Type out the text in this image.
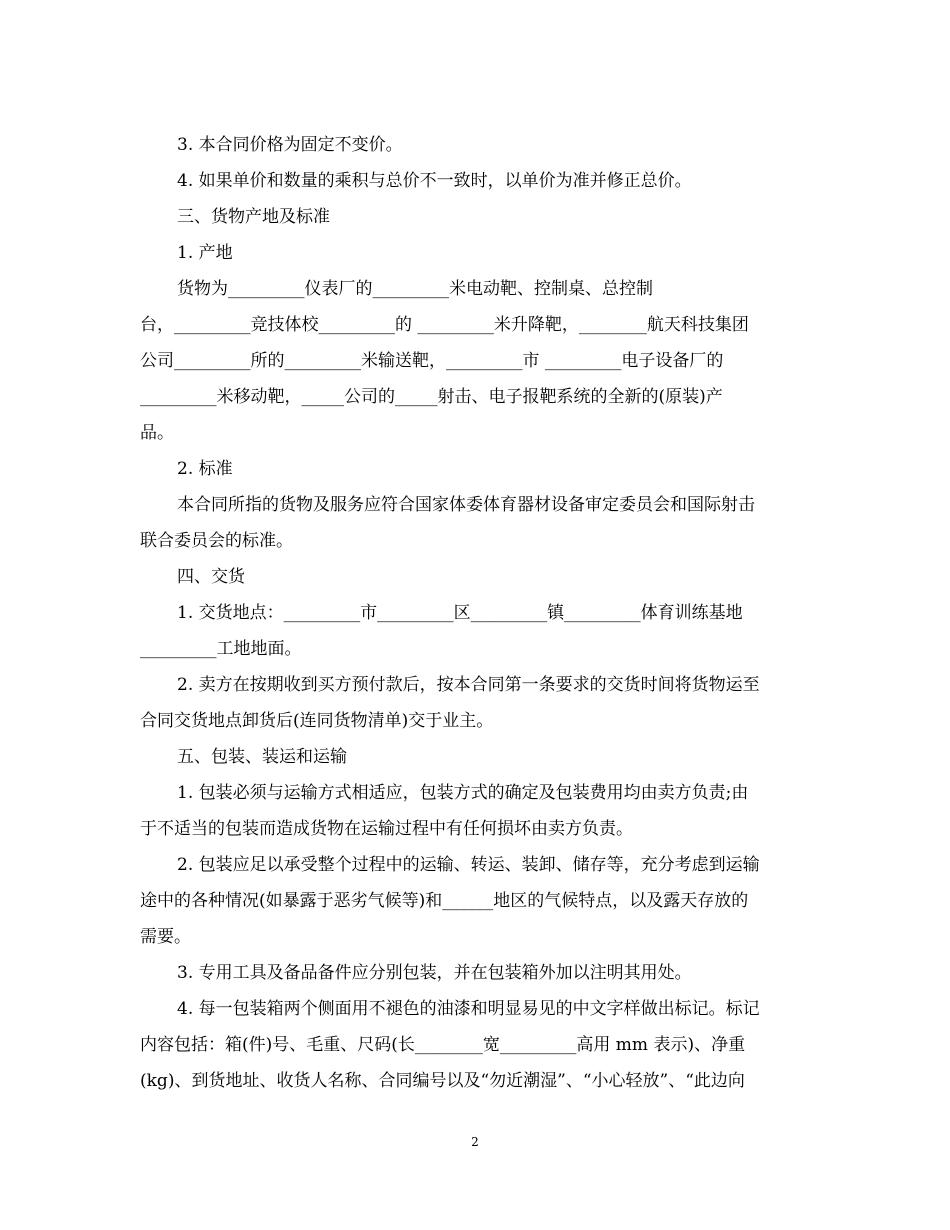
3. 本合同价格为固定不变价。
4. 如果单价和数量的乘积与总价不一致时，以单价为准并修正总价。
三、货物产地及标准
1. 产地
货物为_________仪表厂的_________米电动靶、控制桌、总控制
台，_________竞技体校_________的 _________米升降靶，________航天科技集团
公司_________所的_________米输送靶，_________市 _________电子设备厂的
_________米移动靶，_____公司的_____射击、电子报靶系统的全新的(原装)产
品。
2. 标准
本合同所指的货物及服务应符合国家体委体育器材设备审定委员会和国际射击
联合委员会的标准。
四、交货
1. 交货地点：_________市_________区_________镇_________体育训练基地
_________工地地面。
2. 卖方在按期收到买方预付款后，按本合同第一条要求的交货时间将货物运至
合同交货地点卸货后(连同货物清单)交于业主。
五、包装、装运和运输
1. 包装必须与运输方式相适应，包装方式的确定及包装费用均由卖方负责;由
于不适当的包装而造成货物在运输过程中有任何损坏由卖方负责。
2. 包装应足以承受整个过程中的运输、转运、装卸、储存等，充分考虑到运输
途中的各种情况(如暴露于恶劣气候等)和______地区的气候特点，以及露天存放的
需要。
3. 专用工具及备品备件应分别包装，并在包装箱外加以注明其用处。
4. 每一包装箱两个侧面用不褪色的油漆和明显易见的中文字样做出标记。标记
内容包括：箱(件)号、毛重、尺码(长________宽_________高用 mm 表示)、净重
(kg)、到货地址、收货人名称、合同编号以及“勿近潮湿”、“小心轻放”、“此边向
2
